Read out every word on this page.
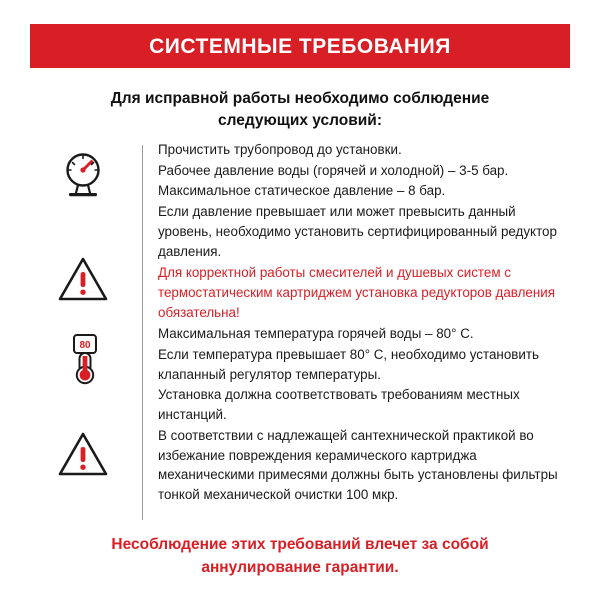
СИСТЕМНЫЕ ТРЕБОВАНИЯ
Для исправной работы необходимо соблюдение
следующих условий:
80

Прочистить трубопровод до установки.

Рабочее давление воды (горячей и холодной) – 3-5 бар.

Максимальное статическое давление – 8 бар.

Если давление превышает или может превысить данный уровень, необходимо установить сертифицированный редуктор давления.

Для корректной работы смесителей и душевых систем с термостатическим картриджем установка редукторов давления обязательна!

Максимальная температура горячей воды – 80° С.

Если температура превышает 80° С, необходимо установить клапанный регулятор температуры.

Установка должна соответствовать требованиям местных инстанций.

В соответствии с надлежащей сантехнической практикой во избежание повреждения керамического картриджа механическими примесями должны быть установлены фильтры тонкой механической очистки 100 мкр.

Несоблюдение этих требований влечет за собой
аннулирование гарантии.
